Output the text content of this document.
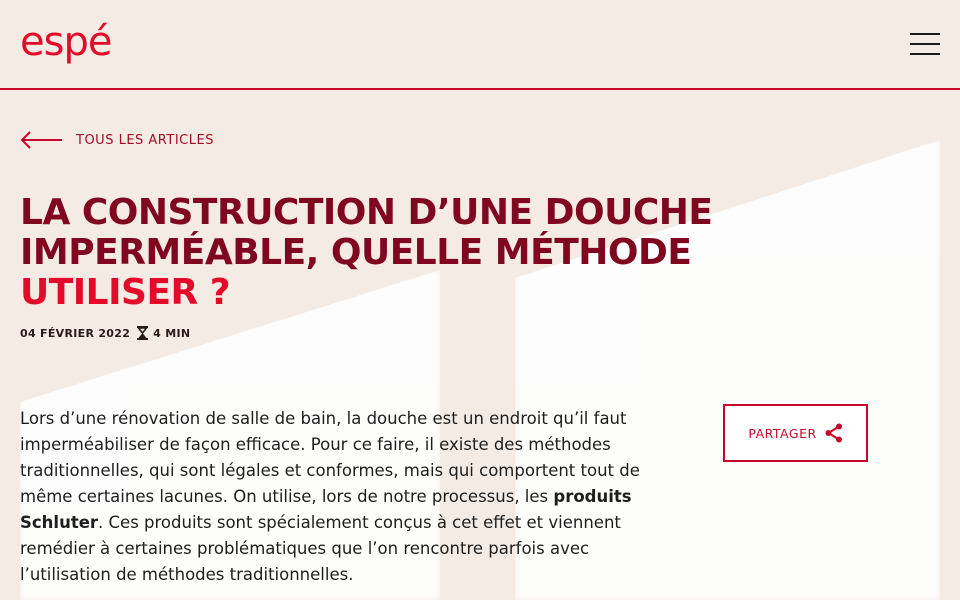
espé
TOUS LES ARTICLES
LA CONSTRUCTION D’UNE DOUCHE
IMPERMÉABLE, QUELLE MÉTHODE
UTILISER ?
04 FÉVRIER 2022 4 MIN
Lors d’une rénovation de salle de bain, la douche est un endroit qu’il faut imperméabiliser de façon efficace. Pour ce faire, il existe des méthodes traditionnelles, qui sont légales et conformes, mais qui comportent tout de même certaines lacunes. On utilise, lors de notre processus, les produits Schluter. Ces produits sont spécialement conçus à cet effet et viennent remédier à certaines problématiques que l’on rencontre parfois avec l’utilisation de méthodes traditionnelles.
PARTAGER
